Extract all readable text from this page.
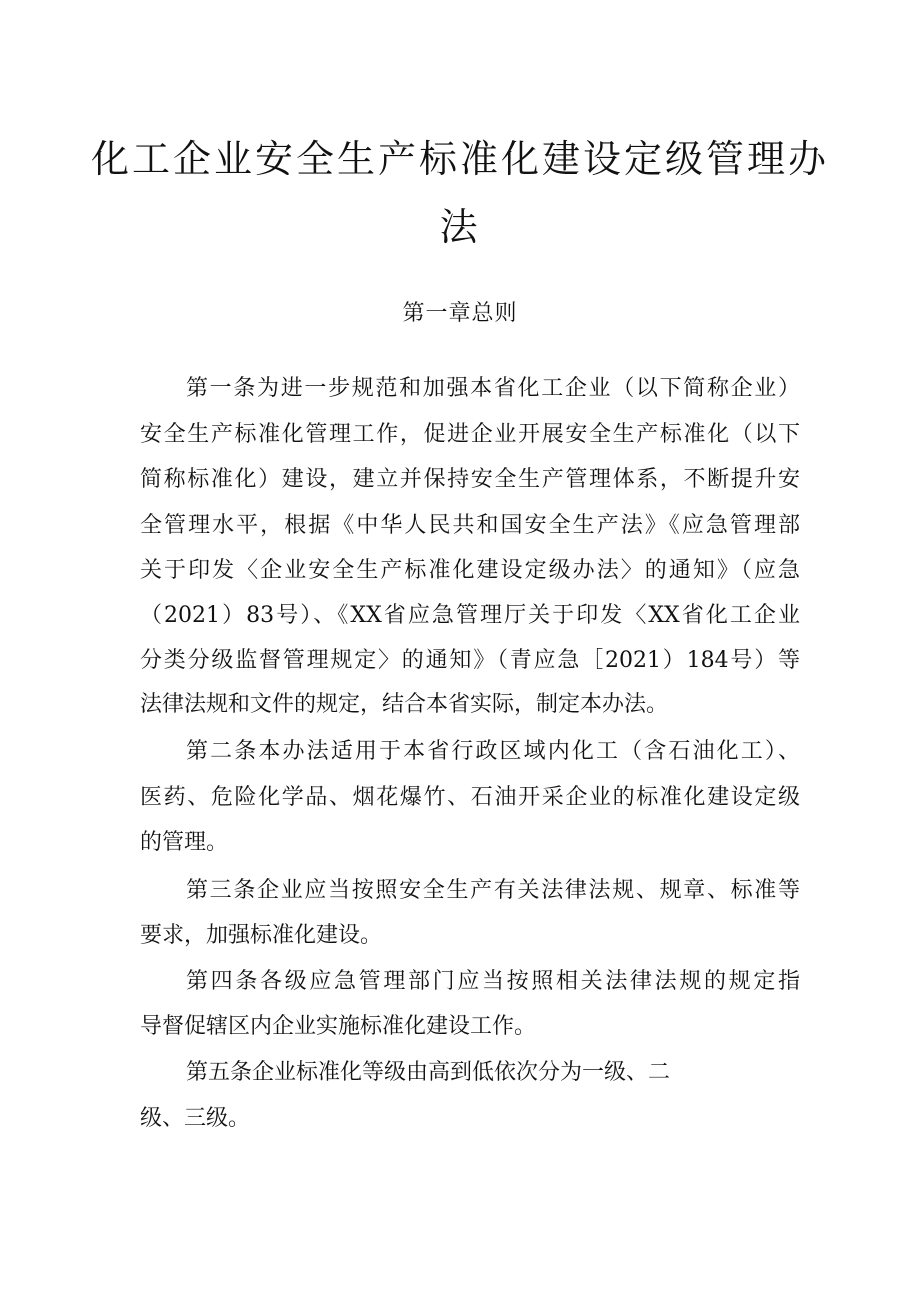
化工企业安全生产标准化建设定级管理办
法
第一章总则
第一条为进一步规范和加强本省化工企业（以下简称企业）
安全生产标准化管理工作，促进企业开展安全生产标准化（以下
简称标准化）建设，建立并保持安全生产管理体系，不断提升安
全管理水平，根据《中华人民共和国安全生产法》《应急管理部
关于印发〈企业安全生产标准化建设定级办法〉的通知》（应急
（2021）83号）、《XX省应急管理厅关于印发〈XX省化工企业
分类分级监督管理规定〉的通知》（青应急［2021）184号）等
法律法规和文件的规定，结合本省实际，制定本办法。
第二条本办法适用于本省行政区域内化工（含石油化工）、
医药、危险化学品、烟花爆竹、石油开采企业的标准化建设定级
的管理。
第三条企业应当按照安全生产有关法律法规、规章、标准等
要求，加强标准化建设。
第四条各级应急管理部门应当按照相关法律法规的规定指
导督促辖区内企业实施标准化建设工作。
第五条企业标准化等级由高到低依次分为一级、二
级、三级。
